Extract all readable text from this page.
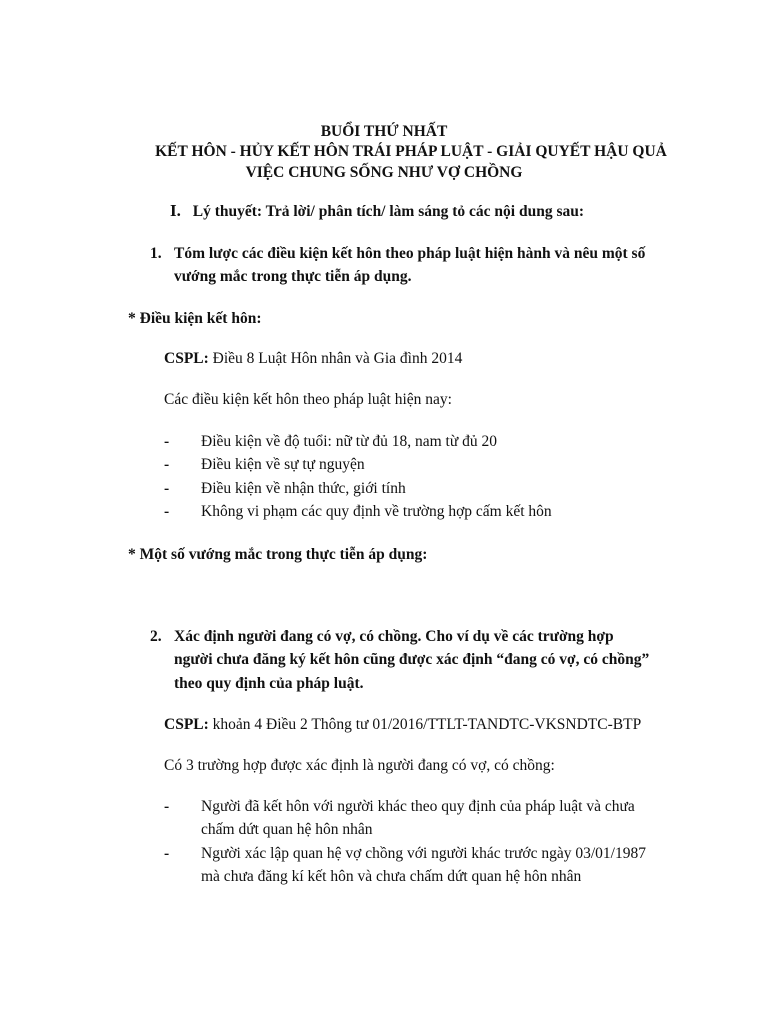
BUỔI THỨ NHẤT
KẾT HÔN - HỦY KẾT HÔN TRÁI PHÁP LUẬT - GIẢI QUYẾT HẬU QUẢ
VIỆC CHUNG SỐNG NHƯ VỢ CHỒNG
I. Lý thuyết: Trả lời/ phân tích/ làm sáng tỏ các nội dung sau:
1. Tóm lược các điều kiện kết hôn theo pháp luật hiện hành và nêu một số
vướng mắc trong thực tiễn áp dụng.
* Điều kiện kết hôn:
CSPL: Điều 8 Luật Hôn nhân và Gia đình 2014
Các điều kiện kết hôn theo pháp luật hiện nay:
-	Điều kiện về độ tuổi: nữ từ đủ 18, nam từ đủ 20
-	Điều kiện về sự tự nguyện
-	Điều kiện về nhận thức, giới tính
-	Không vi phạm các quy định về trường hợp cấm kết hôn
* Một số vướng mắc trong thực tiễn áp dụng:
2. Xác định người đang có vợ, có chồng. Cho ví dụ về các trường hợp
người chưa đăng ký kết hôn cũng được xác định “đang có vợ, có chồng”
theo quy định của pháp luật.
CSPL: khoản 4 Điều 2 Thông tư 01/2016/TTLT-TANDTC-VKSNDTC-BTP
Có 3 trường hợp được xác định là người đang có vợ, có chồng:
-	Người đã kết hôn với người khác theo quy định của pháp luật và chưa
chấm dứt quan hệ hôn nhân
-	Người xác lập quan hệ vợ chồng với người khác trước ngày 03/01/1987
mà chưa đăng kí kết hôn và chưa chấm dứt quan hệ hôn nhân
